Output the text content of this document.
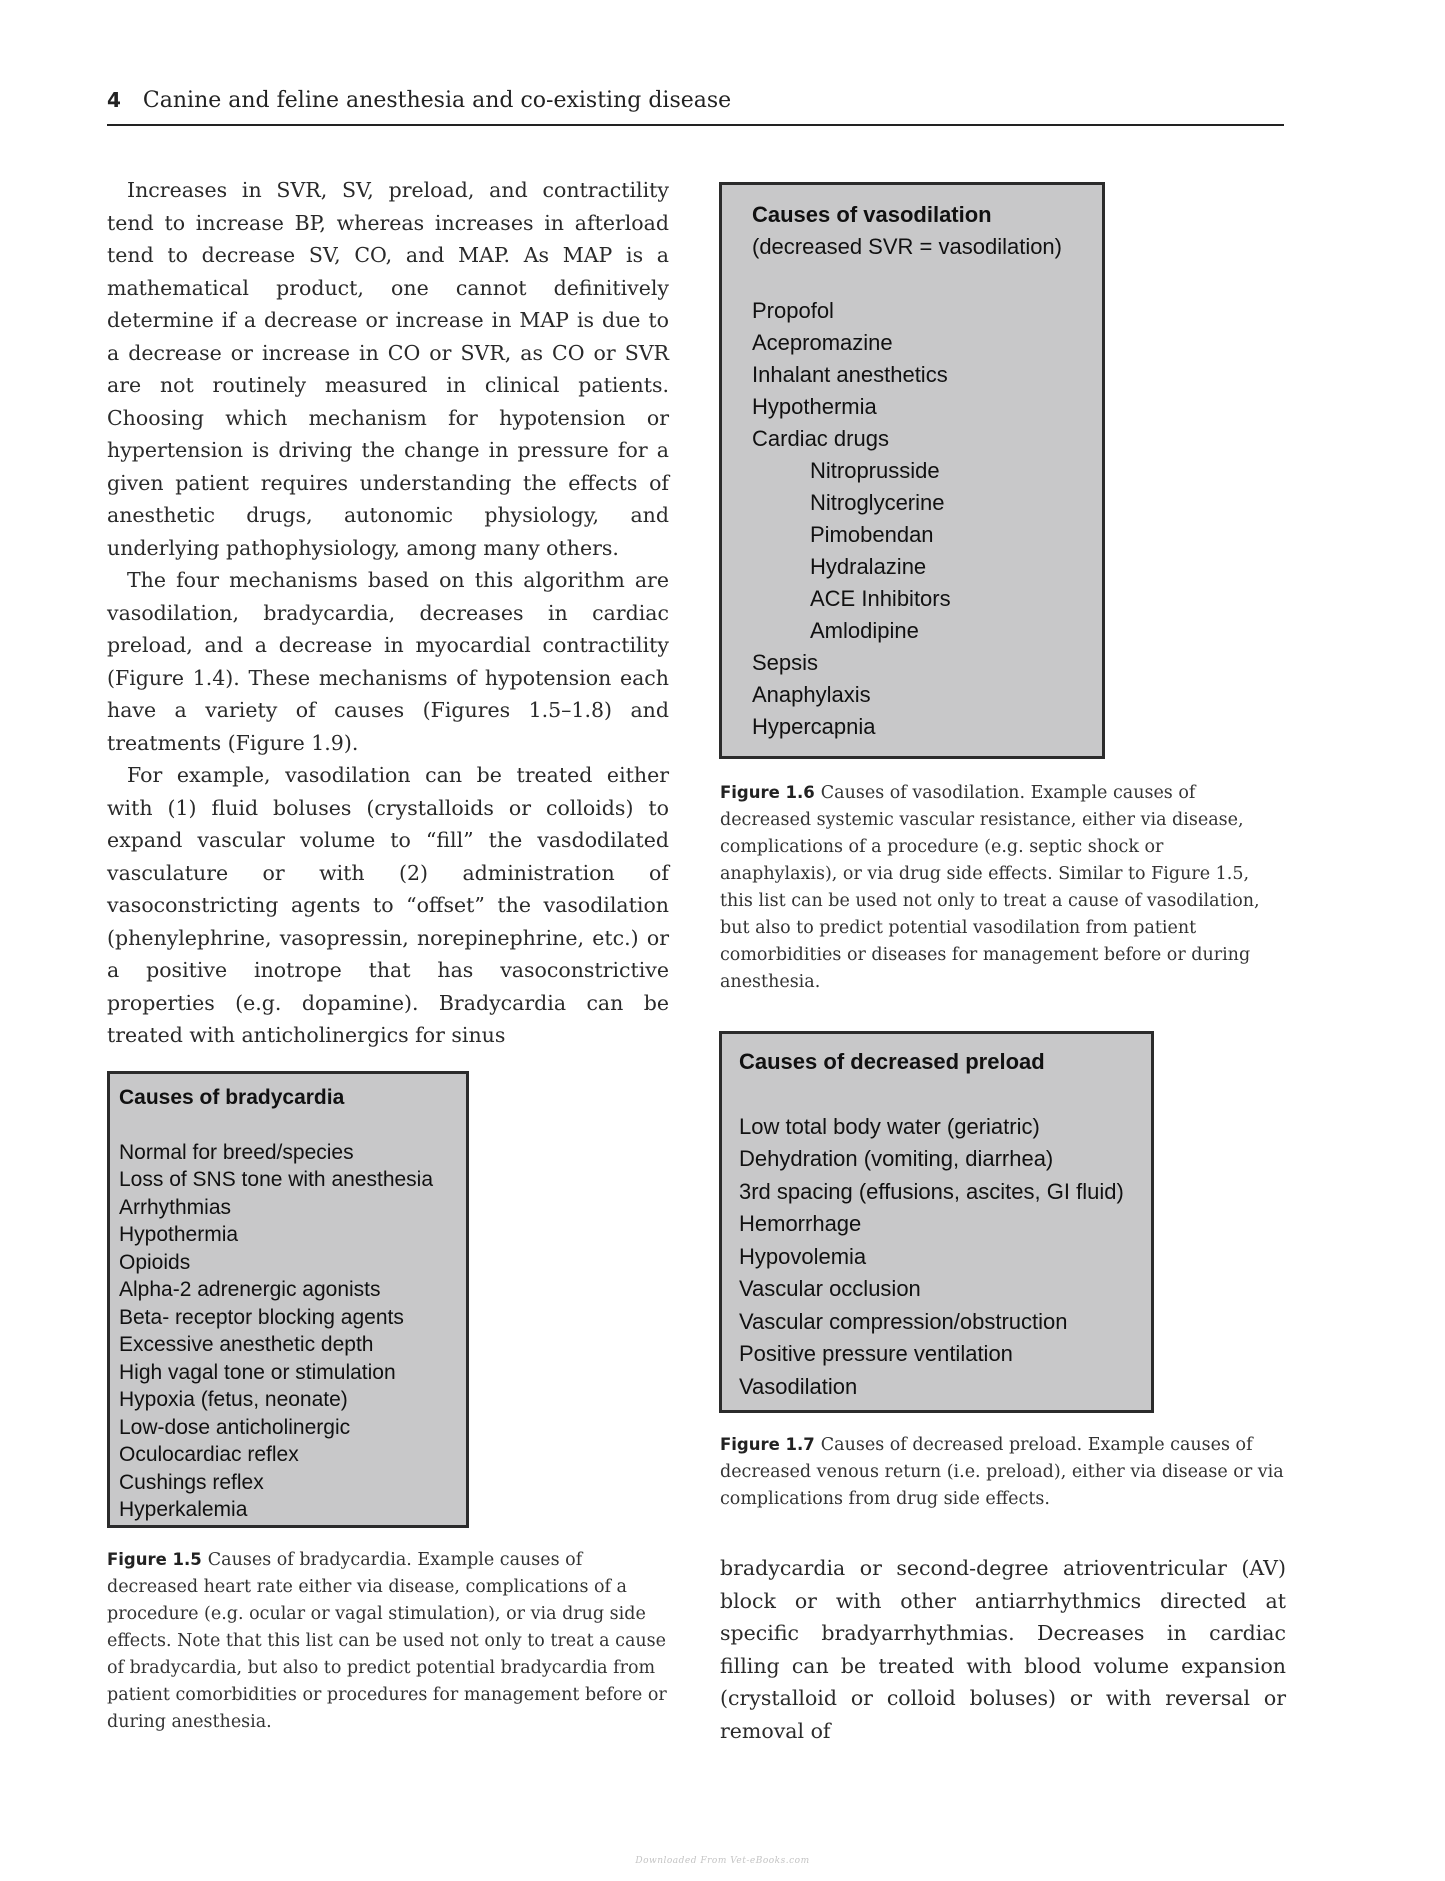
4 Canine and feline anesthesia and co-existing disease

Increases in SVR, SV, preload, and contractility tend to increase BP, whereas increases in afterload tend to decrease SV, CO, and MAP. As MAP is a mathematical product, one cannot definitively determine if a decrease or increase in MAP is due to a decrease or increase in CO or SVR, as CO or SVR are not routinely measured in clinical patients. Choosing which mechanism for hypotension or hypertension is driving the change in pressure for a given patient requires understanding the effects of anesthetic drugs, autonomic physiology, and underlying pathophysiology, among many others.

The four mechanisms based on this algorithm are vasodilation, bradycardia, decreases in cardiac preload, and a decrease in myocardial contractility (Figure 1.4). These mechanisms of hypotension each have a variety of causes (Figures 1.5–1.8) and treatments (Figure 1.9).

For example, vasodilation can be treated either with (1) fluid boluses (crystalloids or colloids) to expand vascular volume to “fill” the vasdodilated vasculature or with (2) administration of vasoconstricting agents to “offset” the vasodilation (phenylephrine, vasopressin, norepinephrine, etc.) or a positive inotrope that has vasoconstrictive properties (e.g. dopamine). Bradycardia can be treated with anticholinergics for sinus

Causes of vasodilation
(decreased SVR = vasodilation)
Propofol
Acepromazine
Inhalant anesthetics
Hypothermia
Cardiac drugs
Nitroprusside
Nitroglycerine
Pimobendan
Hydralazine
ACE Inhibitors
Amlodipine
Sepsis
Anaphylaxis
Hypercapnia
Figure 1.6 Causes of vasodilation. Example causes of decreased systemic vascular resistance, either via disease, complications of a procedure (e.g. septic shock or anaphylaxis), or via drug side effects. Similar to Figure 1.5, this list can be used not only to treat a cause of vasodilation, but also to predict potential vasodilation from patient comorbidities or diseases for management before or during anesthesia.
Causes of decreased preload
Low total body water (geriatric)
Dehydration (vomiting, diarrhea)
3rd spacing (effusions, ascites, GI fluid)
Hemorrhage
Hypovolemia
Vascular occlusion
Vascular compression/obstruction
Positive pressure ventilation
Vasodilation
Figure 1.7 Causes of decreased preload. Example causes of decreased venous return (i.e. preload), either via disease or via complications from drug side effects.
Causes of bradycardia
Normal for breed/species
Loss of SNS tone with anesthesia
Arrhythmias
Hypothermia
Opioids
Alpha-2 adrenergic agonists
Beta- receptor blocking agents
Excessive anesthetic depth
High vagal tone or stimulation
Hypoxia (fetus, neonate)
Low-dose anticholinergic
Oculocardiac reflex
Cushings reflex
Hyperkalemia
Figure 1.5 Causes of bradycardia. Example causes of decreased heart rate either via disease, complications of a procedure (e.g. ocular or vagal stimulation), or via drug side effects. Note that this list can be used not only to treat a cause of bradycardia, but also to predict potential bradycardia from patient comorbidities or procedures for management before or during anesthesia.

bradycardia or second-degree atrioventricular (AV) block or with other antiarrhythmics directed at specific bradyarrhythmias. Decreases in cardiac filling can be treated with blood volume expansion (crystalloid or colloid boluses) or with reversal or removal of

Downloaded From Vet-eBooks.com
